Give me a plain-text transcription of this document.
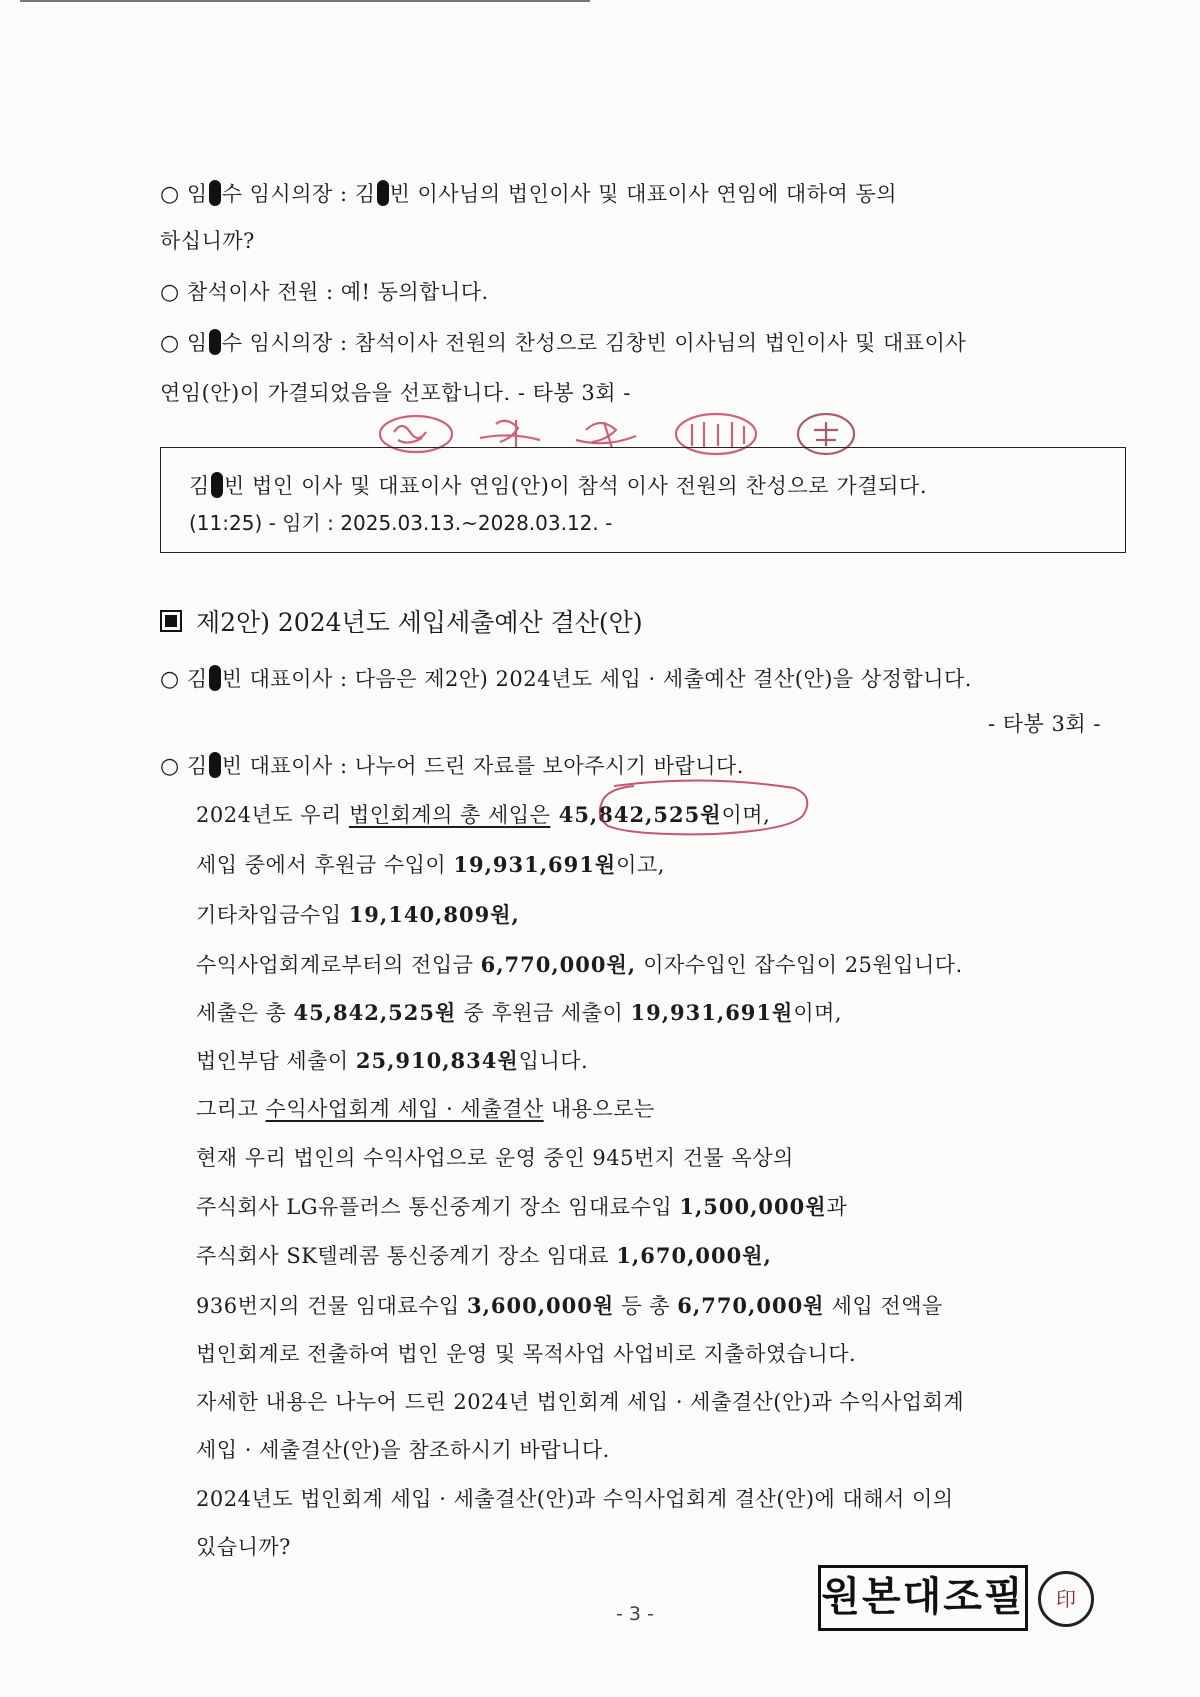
○ 임 수 임시의장 : 김 빈 이사님의 법인이사 및 대표이사 연임에 대하여 동의
하십니까?
○ 참석이사 전원 : 예! 동의합니다.
○ 임 수 임시의장 : 참석이사 전원의 찬성으로 김창빈 이사님의 법인이사 및 대표이사
연임(안)이 가결되었음을 선포합니다. - 타봉 3회 -
김 빈 법인 이사 및 대표이사 연임(안)이 참석 이사 전원의 찬성으로 가결되다.
(11:25) - 임기 : 2025.03.13.~2028.03.12. -
제2안) 2024년도 세입세출예산 결산(안)
○ 김 빈 대표이사 : 다음은 제2안) 2024년도 세입 · 세출예산 결산(안)을 상정합니다.
- 타봉 3회 -
○ 김 빈 대표이사 : 나누어 드린 자료를 보아주시기 바랍니다.
2024년도 우리 법인회계의 총 세입은 45,842,525원이며,
세입 중에서 후원금 수입이 19,931,691원이고,
기타차입금수입 19,140,809원,
수익사업회계로부터의 전입금 6,770,000원, 이자수입인 잡수입이 25원입니다.
세출은 총 45,842,525원 중 후원금 세출이 19,931,691원이며,
법인부담 세출이 25,910,834원입니다.
그리고 수익사업회계 세입 · 세출결산 내용으로는
현재 우리 법인의 수익사업으로 운영 중인 945번지 건물 옥상의
주식회사 LG유플러스 통신중계기 장소 임대료수입 1,500,000원과
주식회사 SK텔레콤 통신중계기 장소 임대료 1,670,000원,
936번지의 건물 임대료수입 3,600,000원 등 총 6,770,000원 세입 전액을
법인회계로 전출하여 법인 운영 및 목적사업 사업비로 지출하였습니다.
자세한 내용은 나누어 드린 2024년 법인회계 세입 · 세출결산(안)과 수익사업회계
세입 · 세출결산(안)을 참조하시기 바랍니다.
2024년도 법인회계 세입 · 세출결산(안)과 수익사업회계 결산(안)에 대해서 이의
있습니까?
- 3 -	원본대조필	印
